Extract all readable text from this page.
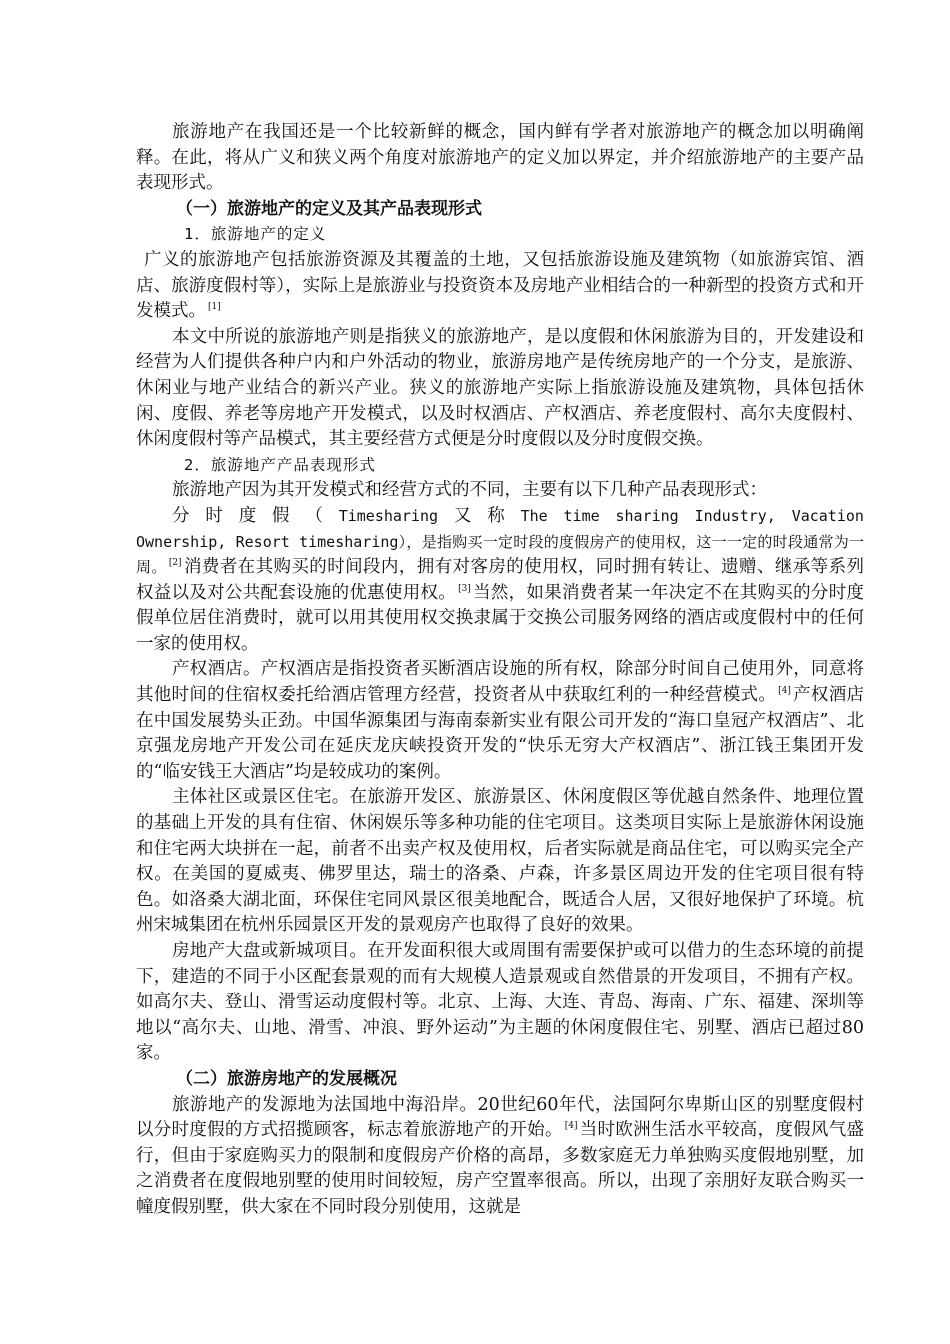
旅游地产在我国还是一个比较新鲜的概念，国内鲜有学者对旅游地产的概念加以明确阐释。在此，将从广义和狭义两个角度对旅游地产的定义加以界定，并介绍旅游地产的主要产品表现形式。

（一）旅游地产的定义及其产品表现形式

1．旅游地产的定义

广义的旅游地产包括旅游资源及其覆盖的土地，又包括旅游设施及建筑物（如旅游宾馆、酒店、旅游度假村等），实际上是旅游业与投资资本及房地产业相结合的一种新型的投资方式和开发模式。 [1]

本文中所说的旅游地产则是指狭义的旅游地产，是以度假和休闲旅游为目的，开发建设和经营为人们提供各种户内和户外活动的物业，旅游房地产是传统房地产的一个分支，是旅游、休闲业与地产业结合的新兴产业。狭义的旅游地产实际上指旅游设施及建筑物，具体包括休闲、度假、养老等房地产开发模式，以及时权酒店、产权酒店、养老度假村、高尔夫度假村、休闲度假村等产品模式，其主要经营方式便是分时度假以及分时度假交换。

2．旅游地产产品表现形式

旅游地产因为其开发模式和经营方式的不同，主要有以下几种产品表现形式：

分 时 度 假 （ Timesharing 又 称 The time sharing Industry, Vacation

Ownership, Resort timesharing），是指购买一定时段的度假房产的使用权，这一一定的时段通常为一周。 [2] 消费者在其购买的时间段内，拥有对客房的使用权，同时拥有转让、遗赠、继承等系列权益以及对公共配套设施的优惠使用权。 [3] 当然，如果消费者某一年决定不在其购买的分时度假单位居住消费时，就可以用其使用权交换隶属于交换公司服务网络的酒店或度假村中的任何一家的使用权。

产权酒店。产权酒店是指投资者买断酒店设施的所有权，除部分时间自己使用外，同意将其他时间的住宿权委托给酒店管理方经营，投资者从中获取红利的一种经营模式。 [4] 产权酒店在中国发展势头正劲。中国华源集团与海南泰新实业有限公司开发的“海口皇冠产权酒店”、北京强龙房地产开发公司在延庆龙庆峡投资开发的“快乐无穷大产权酒店”、浙江钱王集团开发的“临安钱王大酒店”均是较成功的案例。

主体社区或景区住宅。在旅游开发区、旅游景区、休闲度假区等优越自然条件、地理位置的基础上开发的具有住宿、休闲娱乐等多种功能的住宅项目。这类项目实际上是旅游休闲设施和住宅两大块拼在一起，前者不出卖产权及使用权，后者实际就是商品住宅，可以购买完全产权。在美国的夏威夷、佛罗里达，瑞士的洛桑、卢森，许多景区周边开发的住宅项目很有特色。如洛桑大湖北面，环保住宅同风景区很美地配合，既适合人居，又很好地保护了环境。杭州宋城集团在杭州乐园景区开发的景观房产也取得了良好的效果。

房地产大盘或新城项目。在开发面积很大或周围有需要保护或可以借力的生态环境的前提下，建造的不同于小区配套景观的而有大规模人造景观或自然借景的开发项目，不拥有产权。如高尔夫、登山、滑雪运动度假村等。北京、上海、大连、青岛、海南、广东、福建、深圳等地以“高尔夫、山地、滑雪、冲浪、野外运动”为主题的休闲度假住宅、别墅、酒店已超过80家。

（二）旅游房地产的发展概况

旅游地产的发源地为法国地中海沿岸。20世纪60年代，法国阿尔卑斯山区的别墅度假村以分时度假的方式招揽顾客，标志着旅游地产的开始。 [4] 当时欧洲生活水平较高，度假风气盛行，但由于家庭购买力的限制和度假房产价格的高昂，多数家庭无力单独购买度假地别墅，加之消费者在度假地别墅的使用时间较短，房产空置率很高。所以，出现了亲朋好友联合购买一幢度假别墅，供大家在不同时段分别使用，这就是
